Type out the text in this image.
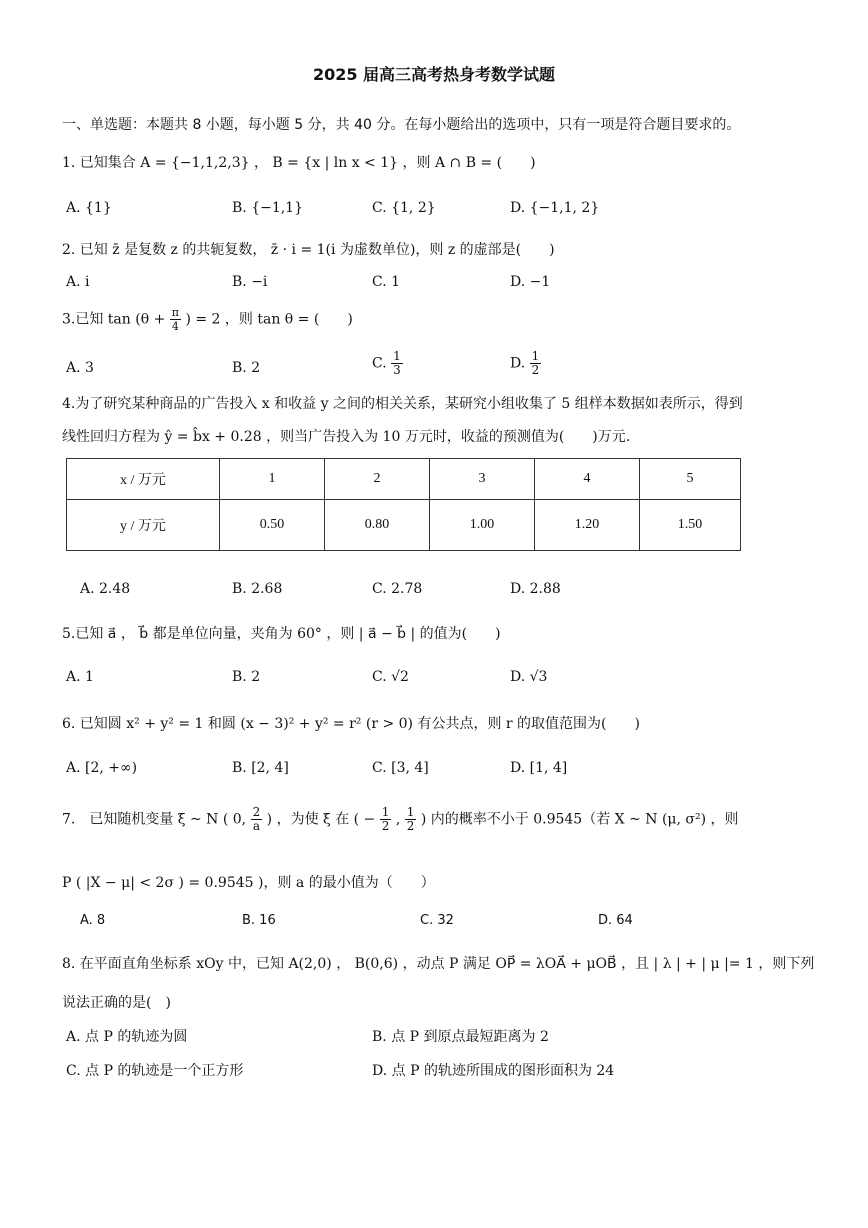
2025 届高三高考热身考数学试题
一、单选题：本题共 8 小题，每小题 5 分，共 40 分。在每小题给出的选项中，只有一项是符合题目要求的。
1. 已知集合 A = {−1,1,2,3} ， B = {x | ln x < 1} ，则 A ∩ B = (　　)
A. {1}	B. {−1,1}	C. {1, 2}	D. {−1,1, 2}
2. 已知 z̄ 是复数 z 的共轭复数， z̄ · i = 1(i 为虚数单位)，则 z 的虚部是(　　)
A. i	B. −i	C. 1	D. −1
3.已知 $\tan (\theta + \frac{\pi}{4}$ ) = 2 ，则 tan θ = (　　)
A. 3	B. 2	C. $\frac{1}{3}$	D. $\frac{1}{2}$
4.为了研究某种商品的广告投入 x 和收益 y 之间的相关关系，某研究小组收集了 5 组样本数据如表所示，得到
线性回归方程为 ŷ = b̂x + 0.28 ，则当广告投入为 10 万元时，收益的预测值为(　　)万元.
x / 万元	1	2	3	4	5
y / 万元	0.50	0.80	1.00	1.20	1.50
A. 2.48	B. 2.68	C. 2.78	D. 2.88
5.已知 a⃗ ， b⃗ 都是单位向量，夹角为 60° ，则 | a⃗ − b⃗ | 的值为(　　)
A. 1	B. 2	C. √2	D. √3
6. 已知圆 x² + y² = 1 和圆 (x − 3)² + y² = r² (r > 0) 有公共点，则 r 的取值范围为(　　)
A. [2, +∞)	B. [2, 4]	C. [3, 4]	D. [1, 4]
7.　已知随机变量 ξ ~ N ( 0, $\frac{2}{a}$ ) ，为使 ξ 在 ( − $\frac{1}{2}$ , $\frac{1}{2}$ ) 内的概率不小于 0.9545（若 X ~ N (μ, σ²) ，则
P ( |X − μ| < 2σ ) = 0.9545 )，则 a 的最小值为（　　）
A. 8	B. 16	C. 32	D. 64
8. 在平面直角坐标系 xOy 中，已知 A(2,0) ， B(0,6) ，动点 P 满足 OP⃗ = λOA⃗ + μOB⃗ ，且 | λ | + | μ |= 1 ，则下列
说法正确的是(　)
A. 点 P 的轨迹为圆	B. 点 P 到原点最短距离为 2
C. 点 P 的轨迹是一个正方形	D. 点 P 的轨迹所围成的图形面积为 24
